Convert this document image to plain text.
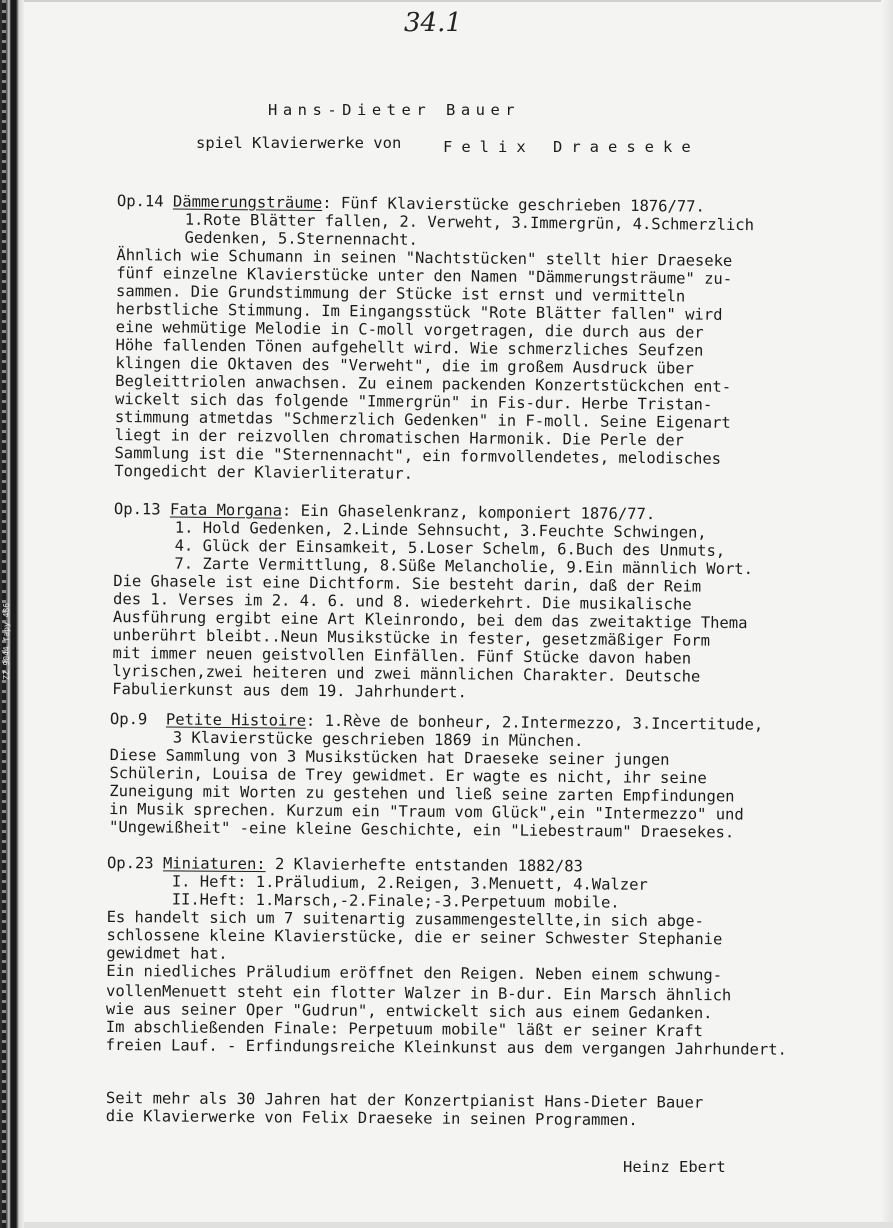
34.1
Hans-Dieter Bauer
spiel Klavierwerke von	Felix Draeseke
Op.14 Dämmerungsträume: Fünf Klavierstücke geschrieben 1876/77.
1.Rote Blätter fallen, 2. Verweht, 3.Immergrün, 4.Schmerzlich
Gedenken, 5.Sternennacht.
Ähnlich wie Schumann in seinen "Nachtstücken" stellt hier Draeseke
fünf einzelne Klavierstücke unter den Namen "Dämmerungsträume" zu-
sammen. Die Grundstimmung der Stücke ist ernst und vermitteln
herbstliche Stimmung. Im Eingangsstück "Rote Blätter fallen" wird
eine wehmütige Melodie in C-moll vorgetragen, die durch aus der
Höhe fallenden Tönen aufgehellt wird. Wie schmerzliches Seufzen
klingen die Oktaven des "Verweht", die im großem Ausdruck über
Begleittriolen anwachsen. Zu einem packenden Konzertstückchen ent-
wickelt sich das folgende "Immergrün" in Fis-dur. Herbe Tristan-
stimmung atmetdas "Schmerzlich Gedenken" in F-moll. Seine Eigenart
liegt in der reizvollen chromatischen Harmonik. Die Perle der
Sammlung ist die "Sternennacht", ein formvollendetes, melodisches
Tongedicht der Klavierliteratur.
Op.13 Fata Morgana: Ein Ghaselenkranz, komponiert 1876/77.
1. Hold Gedenken, 2.Linde Sehnsucht, 3.Feuchte Schwingen,
4. Glück der Einsamkeit, 5.Loser Schelm, 6.Buch des Unmuts,
7. Zarte Vermittlung, 8.Süße Melancholie, 9.Ein männlich Wort.
Die Ghasele ist eine Dichtform. Sie besteht darin, daß der Reim
des 1. Verses im 2. 4. 6. und 8. wiederkehrt. Die musikalische
Ausführung ergibt eine Art Kleinrondo, bei dem das zweitaktige Thema
unberührt bleibt..Neun Musikstücke in fester, gesetzmäßiger Form
mit immer neuen geistvollen Einfällen. Fünf Stücke davon haben
lyrischen,zwei heiteren und zwei männlichen Charakter. Deutsche
Fabulierkunst aus dem 19. Jahrhundert.
Op.9 Petite Histoire: 1.Rève de bonheur, 2.Intermezzo, 3.Incertitude,
3 Klavierstücke geschrieben 1869 in München.
Diese Sammlung von 3 Musikstücken hat Draeseke seiner jungen
Schülerin, Louisa de Trey gewidmet. Er wagte es nicht, ihr seine
Zuneigung mit Worten zu gestehen und ließ seine zarten Empfindungen
in Musik sprechen. Kurzum ein "Traum vom Glück",ein "Intermezzo" und
"Ungewißheit" -eine kleine Geschichte, ein "Liebestraum" Draesekes.
Op.23 Miniaturen: 2 Klavierhefte entstanden 1882/83
I. Heft: 1.Präludium, 2.Reigen, 3.Menuett, 4.Walzer
II.Heft: 1.Marsch,-2.Finale;-3.Perpetuum mobile.
Es handelt sich um 7 suitenartig zusammengestellte,in sich abge-
schlossene kleine Klavierstücke, die er seiner Schwester Stephanie
gewidmet hat.
Ein niedliches Präludium eröffnet den Reigen. Neben einem schwung-
vollenMenuett steht ein flotter Walzer in B-dur. Ein Marsch ähnlich
wie aus seiner Oper "Gudrun", entwickelt sich aus einem Gedanken.
Im abschließenden Finale: Perpetuum mobile" läßt er seiner Kraft
freien Lauf. - Erfindungsreiche Kleinkunst aus dem vergangen Jahrhundert.
Seit mehr als 30 Jahren hat der Konzertpianist Hans-Dieter Bauer
die Klavierwerke von Felix Draeseke in seinen Programmen.
Heinz Ebert
